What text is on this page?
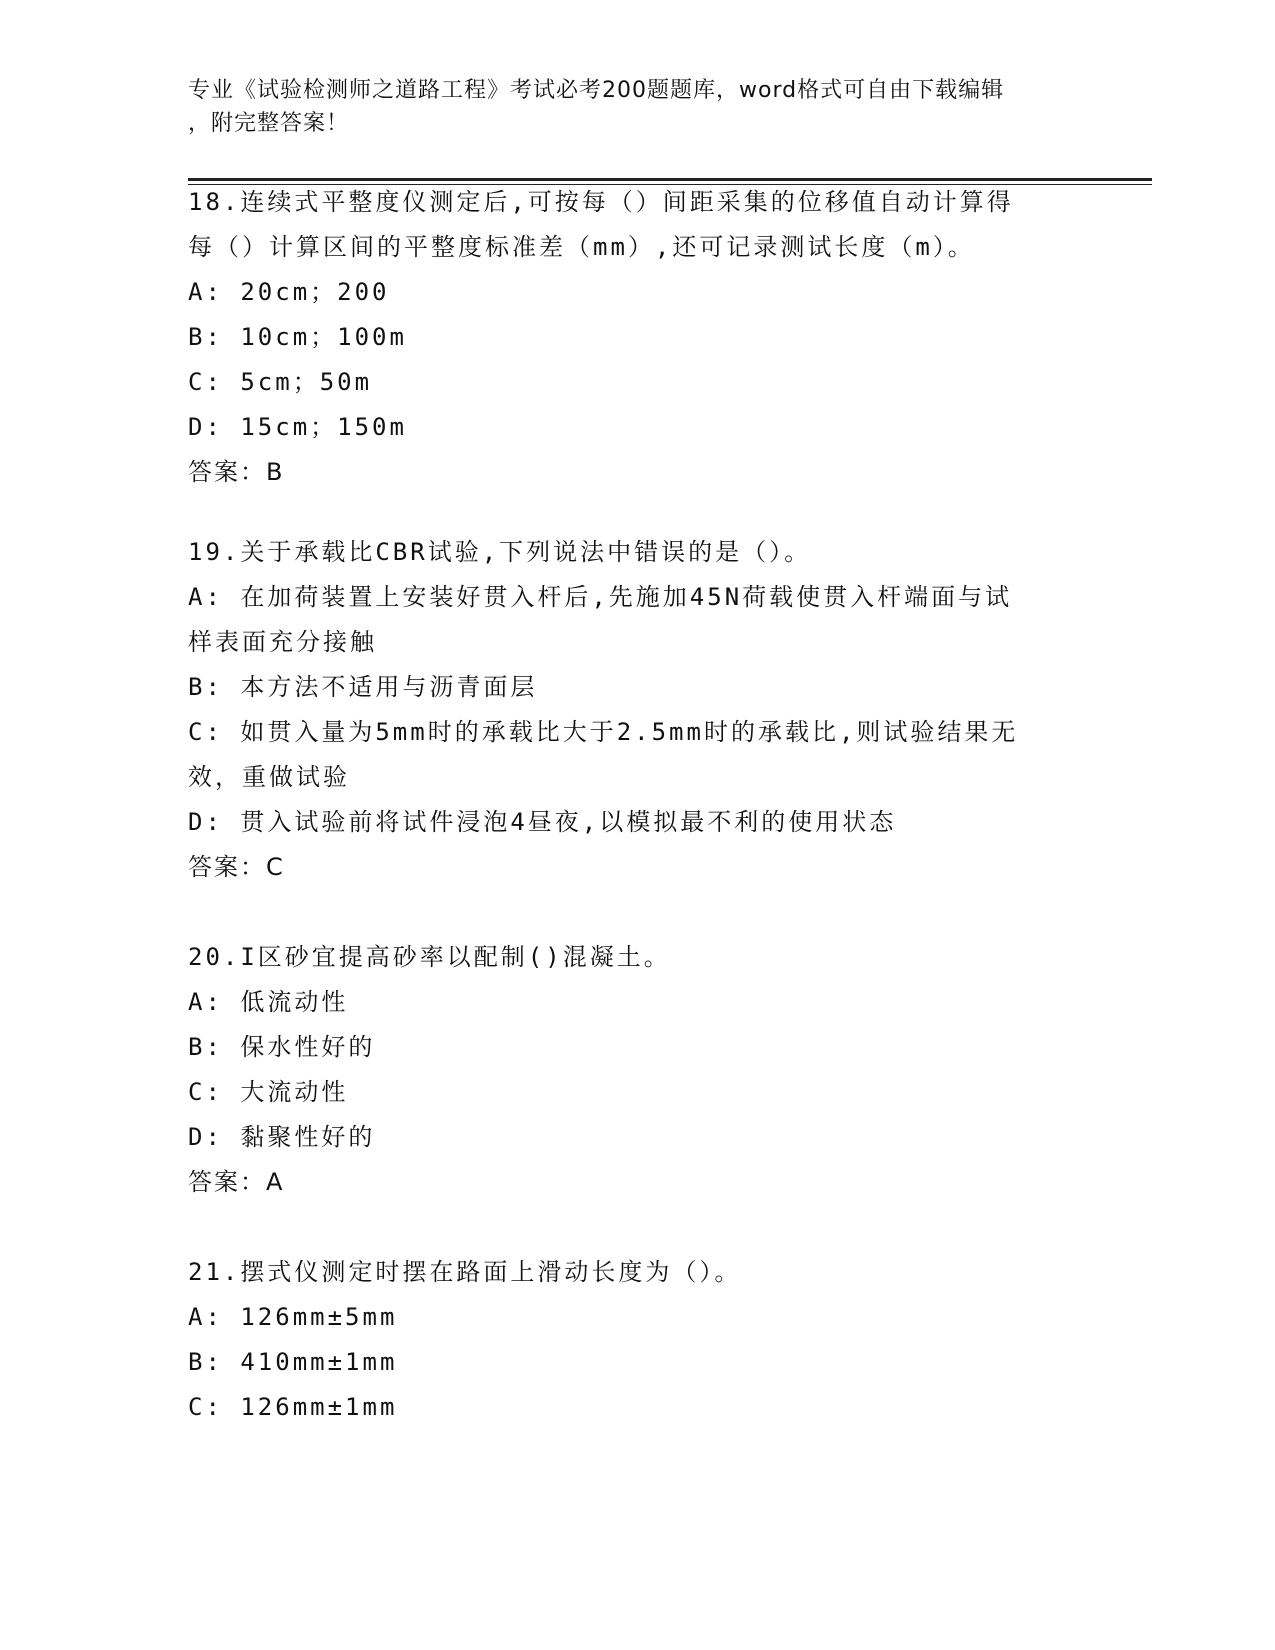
专业《试验检测师之道路工程》考试必考200题题库，word格式可自由下载编辑
，附完整答案！
18.连续式平整度仪测定后,可按每（）间距采集的位移值自动计算得
每（）计算区间的平整度标准差（mm）,还可记录测试长度（m）。
A: 20cm；200
B: 10cm；100m
C: 5cm；50m
D: 15cm；150m
答案：B
19.关于承载比CBR试验,下列说法中错误的是（）。
A: 在加荷装置上安装好贯入杆后,先施加45N荷载使贯入杆端面与试
样表面充分接触
B: 本方法不适用与沥青面层
C: 如贯入量为5mm时的承载比大于2.5mm时的承载比,则试验结果无
效，重做试验
D: 贯入试验前将试件浸泡4昼夜,以模拟最不利的使用状态
答案：C
20.I区砂宜提高砂率以配制()混凝土。
A: 低流动性
B: 保水性好的
C: 大流动性
D: 黏聚性好的
答案：A
21.摆式仪测定时摆在路面上滑动长度为（）。
A: 126mm±5mm
B: 410mm±1mm
C: 126mm±1mm
